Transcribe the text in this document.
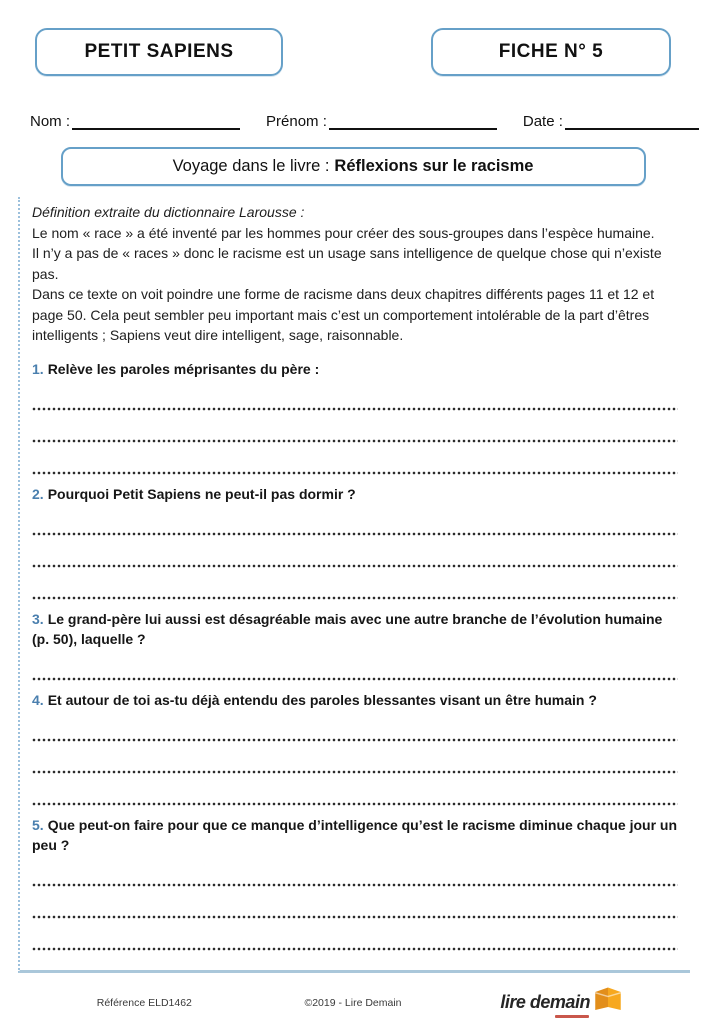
PETIT SAPIENS	FICHE N° 5
Nom :	Prénom :	Date :
Voyage dans le livre : Réflexions sur le racisme

Définition extraite du dictionnaire Larousse :

Le nom « race » a été inventé par les hommes pour créer des sous-groupes dans l’espèce humaine.

Il n’y a pas de « races » donc le racisme est un usage sans intelligence de quelque chose qui n’existe pas.

Dans ce texte on voit poindre une forme de racisme dans deux chapitres différents pages 11 et 12 et page 50. Cela peut sembler peu important mais c’est un comportement intolérable de la part d’êtres intelligents ; Sapiens veut dire intelligent, sage, raisonnable.

1. Relève les paroles méprisantes du père :

2. Pourquoi Petit Sapiens ne peut-il pas dormir ?

3. Le grand-père lui aussi est désagréable mais avec une autre branche de l’évolution humaine (p. 50), laquelle ?

4. Et autour de toi as-tu déjà entendu des paroles blessantes visant un être humain ?

5. Que peut-on faire pour que ce manque d’intelligence qu’est le racisme diminue chaque jour un peu ?

Référence ELD1462	©2019 - Lire Demain	lire demain
